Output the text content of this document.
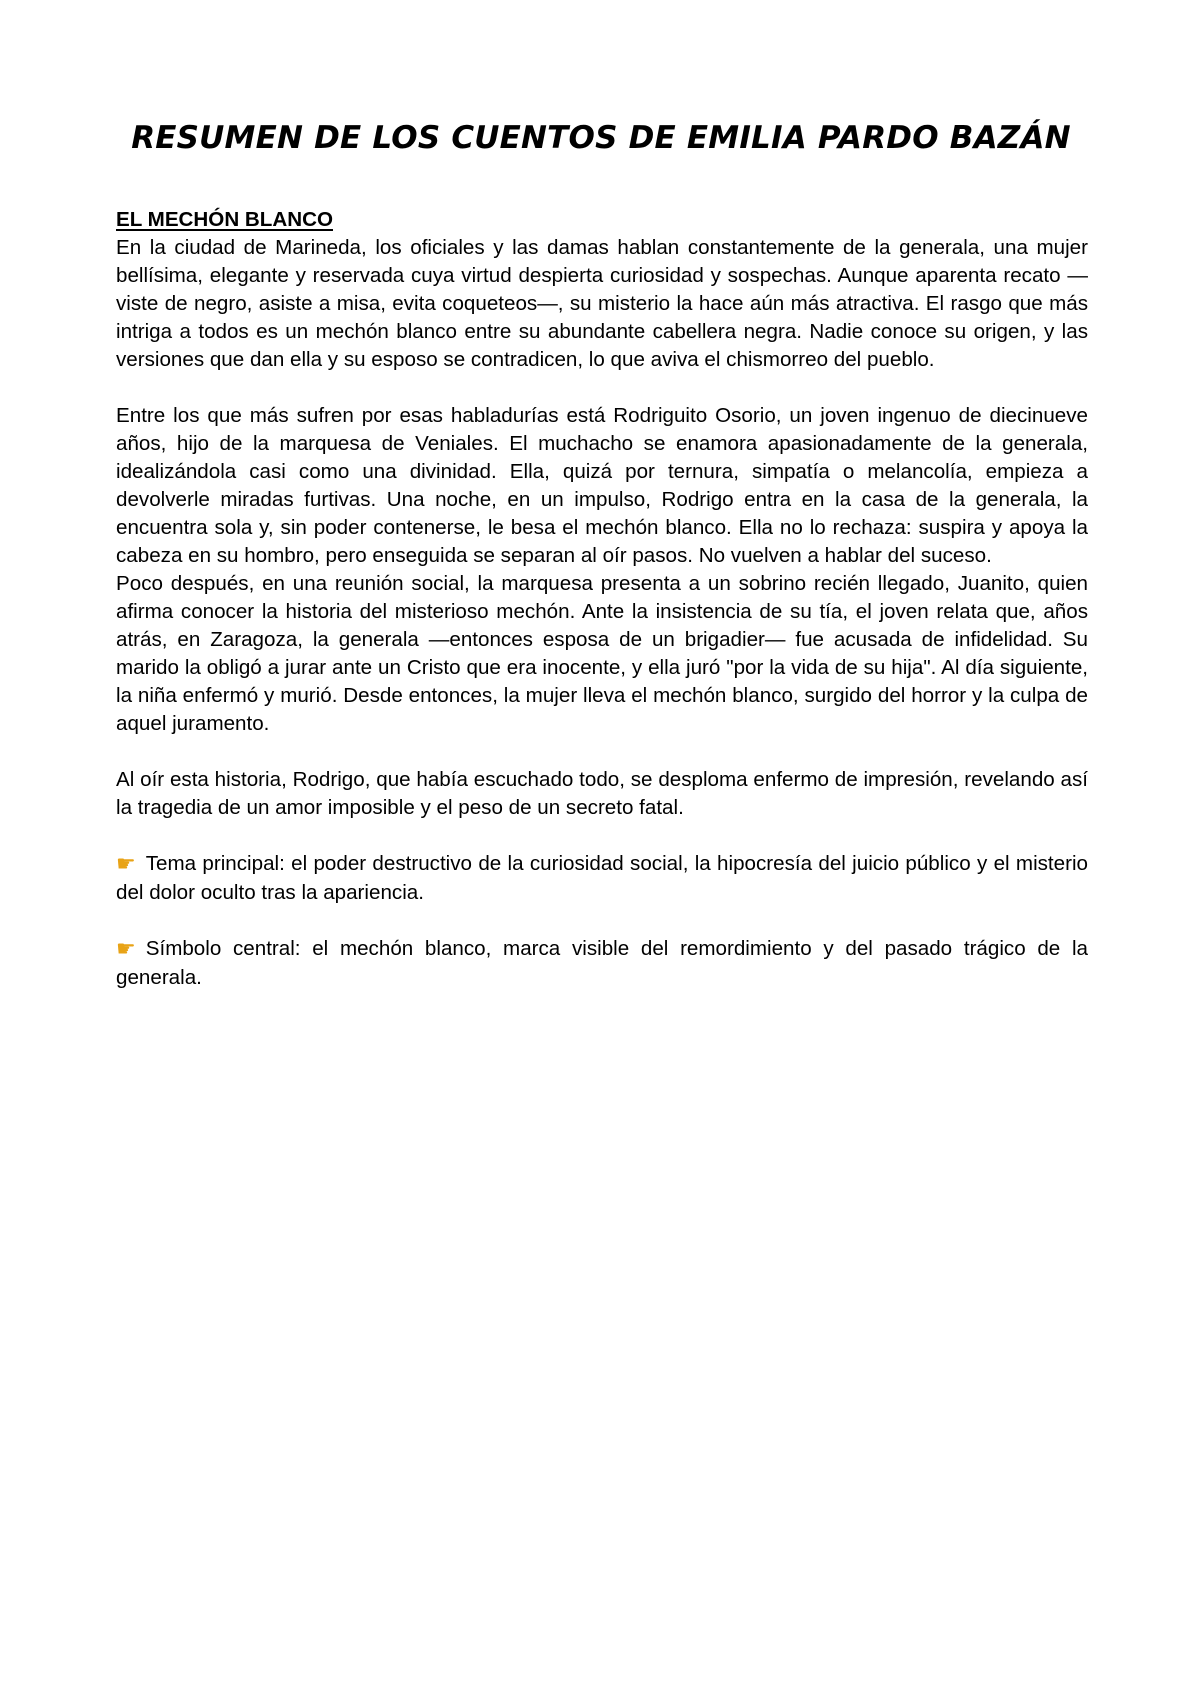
RESUMEN DE LOS CUENTOS DE EMILIA PARDO BAZÁN
EL MECHÓN BLANCO

En la ciudad de Marineda, los oficiales y las damas hablan constantemente de la generala, una mujer bellísima, elegante y reservada cuya virtud despierta curiosidad y sospechas. Aunque aparenta recato —viste de negro, asiste a misa, evita coqueteos—, su misterio la hace aún más atractiva. El rasgo que más intriga a todos es un mechón blanco entre su abundante cabellera negra. Nadie conoce su origen, y las versiones que dan ella y su esposo se contradicen, lo que aviva el chismorreo del pueblo.

Entre los que más sufren por esas habladurías está Rodriguito Osorio, un joven ingenuo de diecinueve años, hijo de la marquesa de Veniales. El muchacho se enamora apasionadamente de la generala, idealizándola casi como una divinidad. Ella, quizá por ternura, simpatía o melancolía, empieza a devolverle miradas furtivas. Una noche, en un impulso, Rodrigo entra en la casa de la generala, la encuentra sola y, sin poder contenerse, le besa el mechón blanco. Ella no lo rechaza: suspira y apoya la cabeza en su hombro, pero enseguida se separan al oír pasos. No vuelven a hablar del suceso.

Poco después, en una reunión social, la marquesa presenta a un sobrino recién llegado, Juanito, quien afirma conocer la historia del misterioso mechón. Ante la insistencia de su tía, el joven relata que, años atrás, en Zaragoza, la generala —entonces esposa de un brigadier— fue acusada de infidelidad. Su marido la obligó a jurar ante un Cristo que era inocente, y ella juró "por la vida de su hija". Al día siguiente, la niña enfermó y murió. Desde entonces, la mujer lleva el mechón blanco, surgido del horror y la culpa de aquel juramento.

Al oír esta historia, Rodrigo, que había escuchado todo, se desploma enfermo de impresión, revelando así la tragedia de un amor imposible y el peso de un secreto fatal.

☛ Tema principal: el poder destructivo de la curiosidad social, la hipocresía del juicio público y el misterio del dolor oculto tras la apariencia.

☛ Símbolo central: el mechón blanco, marca visible del remordimiento y del pasado trágico de la generala.
